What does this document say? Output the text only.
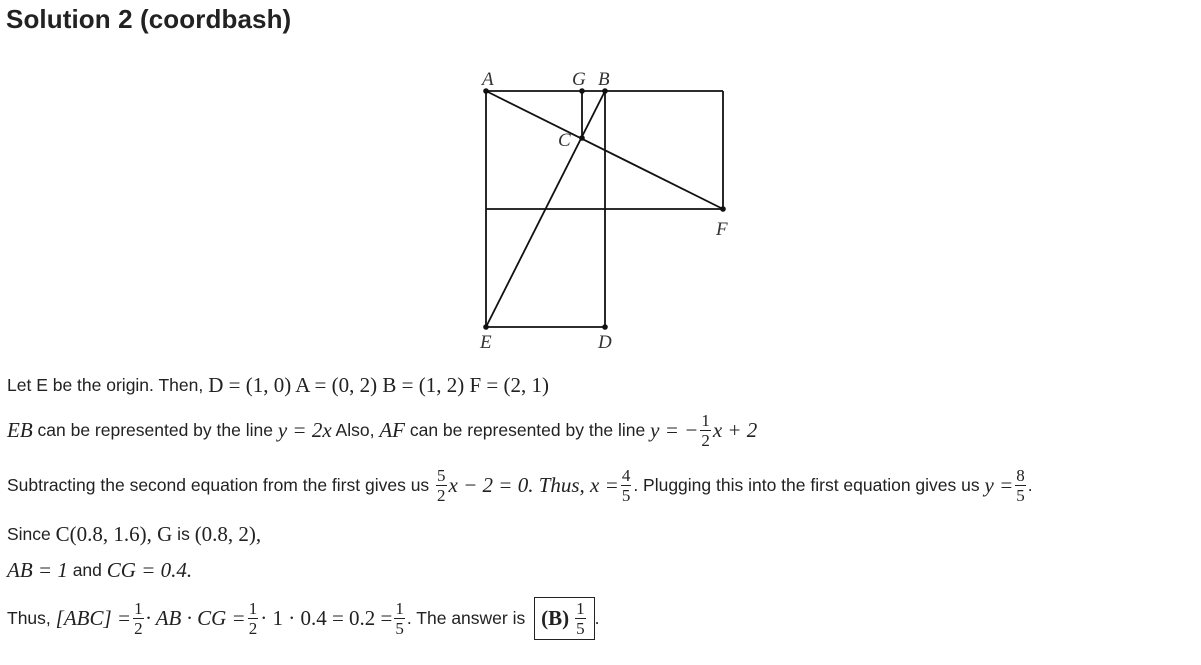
Solution 2 (coordbash)
A	G B
C
F
E	D
Let E be the origin. Then, D = (1, 0) A = (0, 2) B = (1, 2) F = (2, 1)
EB can be represented by the line y = 2x Also, AF can be represented by the line y = − $\frac{1}{2}$ x + 2
Subtracting the second equation from the first gives us $\frac{5}{2}$ x − 2 = 0. Thus, $x = \frac{4}{5}$ . Plugging this into the first equation gives us $y = \frac{8}{5}$ .
Since C(0.8, 1.6), G is (0.8, 2),
AB = 1 and CG = 0.4.
Thus, $[ABC] = \frac{1}{2}$ · AB · CG = $\frac{1}{2} \cdot 1 \cdot 0.4 = 0.2 = \frac{1}{5}$ . The answer is $(B) \frac{1}{5}$ .
